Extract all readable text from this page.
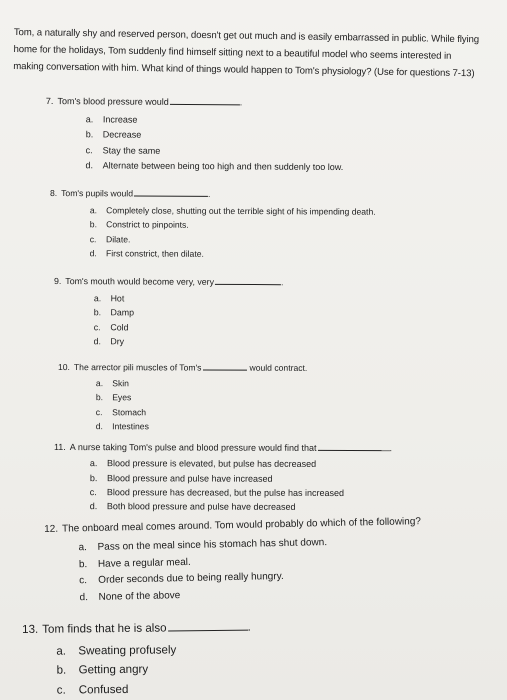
Tom, a naturally shy and reserved person, doesn't get out much and is easily embarrassed in public. While flying home for the holidays, Tom suddenly find himself sitting next to a beautiful model who seems interested in making conversation with him. What kind of things would happen to Tom's physiology? (Use for questions 7-13)

7. Tom's blood pressure would	.
a. Increase
b. Decrease
c. Stay the same
d. Alternate between being too high and then suddenly too low.
8. Tom's pupils would	.
a. Completely close, shutting out the terrible sight of his impending death.
b. Constrict to pinpoints.
c. Dilate.
d. First constrict, then dilate.
9. Tom's mouth would become very, very	.
a. Hot
b. Damp
c. Cold
d. Dry
10. The arrector pili muscles of Tom's	would contract.
a. Skin
b. Eyes
c. Stomach
d. Intestines
11. A nurse taking Tom's pulse and blood pressure would find that	.
a. Blood pressure is elevated, but pulse has decreased
b. Blood pressure and pulse have increased
c. Blood pressure has decreased, but the pulse has increased
d. Both blood pressure and pulse have decreased
12. The onboard meal comes around. Tom would probably do which of the following?
a. Pass on the meal since his stomach has shut down.
b. Have a regular meal.
c. Order seconds due to being really hungry.
d. None of the above
13. Tom finds that he is also	.
a. Sweating profusely
b. Getting angry
c. Confused
